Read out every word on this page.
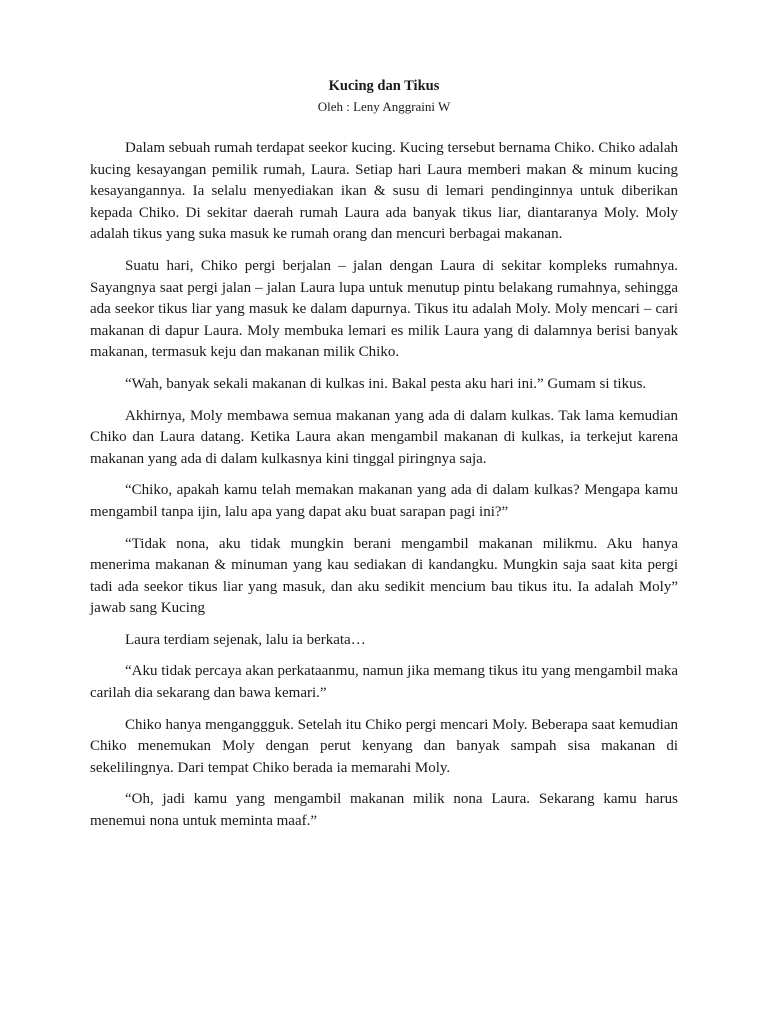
Kucing dan Tikus

Oleh : Leny Anggraini W

Dalam sebuah rumah terdapat seekor kucing. Kucing tersebut bernama Chiko. Chiko adalah kucing kesayangan pemilik rumah, Laura. Setiap hari Laura memberi makan & minum kucing kesayangannya. Ia selalu menyediakan ikan & susu di lemari pendinginnya untuk diberikan kepada Chiko. Di sekitar daerah rumah Laura ada banyak tikus liar, diantaranya Moly. Moly adalah tikus yang suka masuk ke rumah orang dan mencuri berbagai makanan.

Suatu hari, Chiko pergi berjalan – jalan dengan Laura di sekitar kompleks rumahnya. Sayangnya saat pergi jalan – jalan Laura lupa untuk menutup pintu belakang rumahnya, sehingga ada seekor tikus liar yang masuk ke dalam dapurnya. Tikus itu adalah Moly. Moly mencari – cari makanan di dapur Laura. Moly membuka lemari es milik Laura yang di dalamnya berisi banyak makanan, termasuk keju dan makanan milik Chiko.

“Wah, banyak sekali makanan di kulkas ini. Bakal pesta aku hari ini.” Gumam si tikus.

Akhirnya, Moly membawa semua makanan yang ada di dalam kulkas. Tak lama kemudian Chiko dan Laura datang. Ketika Laura akan mengambil makanan di kulkas, ia terkejut karena makanan yang ada di dalam kulkasnya kini tinggal piringnya saja.

“Chiko, apakah kamu telah memakan makanan yang ada di dalam kulkas? Mengapa kamu mengambil tanpa ijin, lalu apa yang dapat aku buat sarapan pagi ini?”

“Tidak nona, aku tidak mungkin berani mengambil makanan milikmu. Aku hanya menerima makanan & minuman yang kau sediakan di kandangku. Mungkin saja saat kita pergi tadi ada seekor tikus liar yang masuk, dan aku sedikit mencium bau tikus itu. Ia adalah Moly” jawab sang Kucing

Laura terdiam sejenak, lalu ia berkata…

“Aku tidak percaya akan perkataanmu, namun jika memang tikus itu yang mengambil maka carilah dia sekarang dan bawa kemari.”

Chiko hanya menganggguk. Setelah itu Chiko pergi mencari Moly. Beberapa saat kemudian Chiko menemukan Moly dengan perut kenyang dan banyak sampah sisa makanan di sekelilingnya. Dari tempat Chiko berada ia memarahi Moly.

“Oh, jadi kamu yang mengambil makanan milik nona Laura. Sekarang kamu harus menemui nona untuk meminta maaf.”
